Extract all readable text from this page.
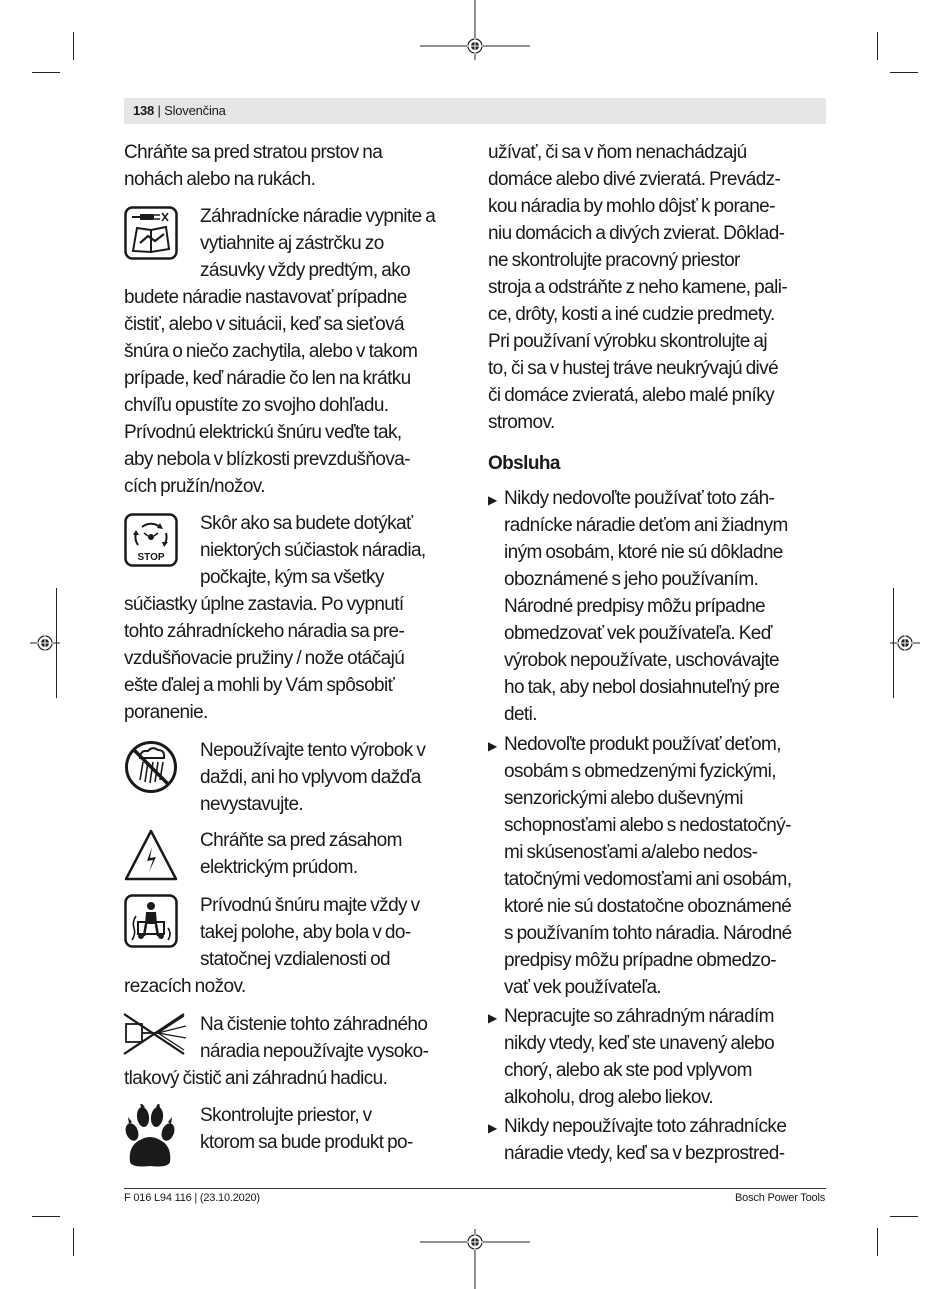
138 | Slovenčina
Chráňte sa pred stratou prstov na
nohách alebo na rukách.
Záhradnícke náradie vypnite a
vytiahnite aj zástrčku zo
zásuvky vždy predtým, ako
budete náradie nastavovať prípadne
čistiť, alebo v situácii, keď sa sieťová
šnúra o niečo zachytila, alebo v takom
prípade, keď náradie čo len na krátku
chvíľu opustíte zo svojho dohľadu.
Prívodnú elektrickú šnúru veďte tak,
aby nebola v blízkosti prevzdušňova-
cích pružín/nožov.
STOP
Skôr ako sa budete dotýkať
niektorých súčiastok náradia,
počkajte, kým sa všetky
súčiastky úplne zastavia. Po vypnutí
tohto záhradníckeho náradia sa pre-
vzdušňovacie pružiny / nože otáčajú
ešte ďalej a mohli by Vám spôsobiť
poranenie.
Nepoužívajte tento výrobok v
daždi, ani ho vplyvom dažďa
nevystavujte.
Chráňte sa pred zásahom
elektrickým prúdom.
Prívodnú šnúru majte vždy v
takej polohe, aby bola v do-
statočnej vzdialenosti od
rezacích nožov.
Na čistenie tohto záhradného
náradia nepoužívajte vysoko-
tlakový čistič ani záhradnú hadicu.
Skontrolujte priestor, v
ktorom sa bude produkt po-
užívať, či sa v ňom nenachádzajú
domáce alebo divé zvieratá. Prevádz-
kou náradia by mohlo dôjsť k porane-
niu domácich a divých zvierat. Dôklad-
ne skontrolujte pracovný priestor
stroja a odstráňte z neho kamene, pali-
ce, drôty, kosti a iné cudzie predmety.
Pri používaní výrobku skontrolujte aj
to, či sa v hustej tráve neukrývajú divé
či domáce zvieratá, alebo malé pníky
stromov.
Obsluha
▶ Nikdy nedovoľte používať toto záh-
radnícke náradie deťom ani žiadnym
iným osobám, ktoré nie sú dôkladne
oboznámené s jeho používaním.
Národné predpisy môžu prípadne
obmedzovať vek používateľa. Keď
výrobok nepoužívate, uschovávajte
ho tak, aby nebol dosiahnuteľný pre
deti.
▶ Nedovoľte produkt používať deťom,
osobám s obmedzenými fyzickými,
senzorickými alebo duševnými
schopnosťami alebo s nedostatočný-
mi skúsenosťami a/alebo nedos-
tatočnými vedomosťami ani osobám,
ktoré nie sú dostatočne oboznámené
s používaním tohto náradia. Národné
predpisy môžu prípadne obmedzo-
vať vek používateľa.
▶ Nepracujte so záhradným náradím
nikdy vtedy, keď ste unavený alebo
chorý, alebo ak ste pod vplyvom
alkoholu, drog alebo liekov.
▶ Nikdy nepoužívajte toto záhradnícke
náradie vtedy, keď sa v bezprostred-
F 016 L94 116 | (23.10.2020)	Bosch Power Tools
